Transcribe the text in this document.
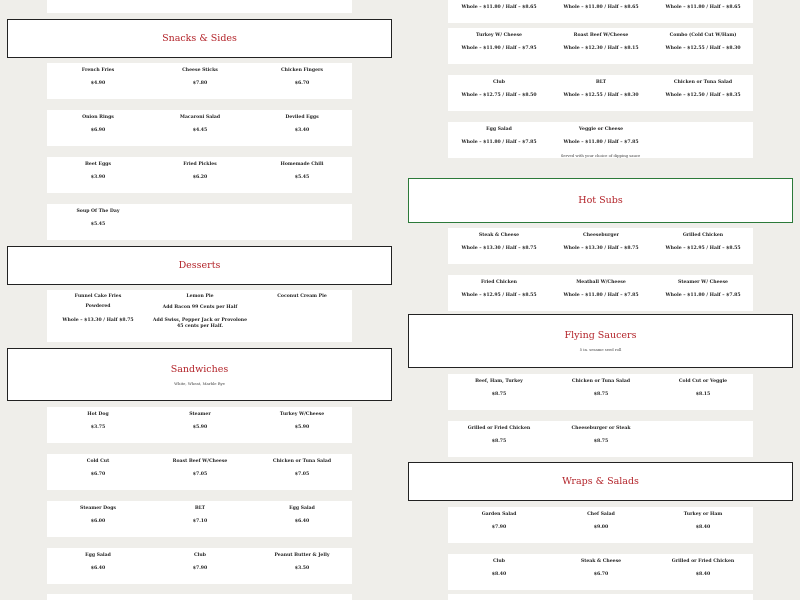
Snacks & Sides
French Fries
$4.90
Cheese Sticks
$7.80
Chicken Fingers
$6.70
Onion Rings
$6.90
Macaroni Salad
$4.45
Deviled Eggs
$3.40
Beet Eggs
$3.90
Fried Pickles
$6.20
Homemade Chili
$5.45
Soup Of The Day
$5.45
Desserts
Funnel Cake Fries
Powdered
Whole – $13.30 / Half $8.75
Lemon Pie
Add Bacon 99 Cents per Half
Add Swiss, Pepper Jack or Provolone 45 cents per Half.
Coconut Cream Pie
Sandwiches
White, Wheat, Marble Rye
Hot Dog
$3.75
Steamer
$5.90
Turkey W/Cheese
$5.90
Cold Cut
$6.70
Roast Beef W/Cheese
$7.05
Chicken or Tuna Salad
$7.05
Steamer Dogs
$6.00
BLT
$7.10
Egg Salad
$6.40
Egg Salad
$6.40
Club
$7.90
Peanut Butter & Jelly
$3.50
Whole – $11.80 / Half – $8.65	Whole – $11.80 / Half – $8.65	Whole – $11.80 / Half – $8.65
Turkey W/ Cheese
Whole – $11.90 / Half – $7.95
Roast Beef W/Cheese
Whole – $12.30 / Half – $8.15
Combo (Cold Cut W/Ham)
Whole – $12.55 / Half – $8.30
Club
Whole – $12.75 / Half – $8.50
BLT
Whole – $12.55 / Half – $8.30
Chicken or Tuna Salad
Whole – $12.50 / Half – $8.35
Egg Salad
Whole – $11.80 / Half – $7.85
Veggie or Cheese
Whole – $11.80 / Half – $7.85
Served with your choice of dipping sauce
Hot Subs
Steak & Cheese
Whole – $13.30 / Half – $8.75
Cheeseburger
Whole – $13.30 / Half – $8.75
Grilled Chicken
Whole – $12.95 / Half – $8.55
Fried Chicken
Whole – $12.95 / Half – $8.55
Meatball W/Cheese
Whole – $11.80 / Half – $7.85
Steamer W/ Cheese
Whole – $11.80 / Half – $7.85
Flying Saucers
5 in. sesame seed roll
Beef, Ham, Turkey
$8.75
Chicken or Tuna Salad
$8.75
Cold Cut or Veggie
$8.15
Grilled or Fried Chicken
$8.75
Cheeseburger or Steak
$8.75
Wraps & Salads
Garden Salad
$7.90
Chef Salad
$9.00
Turkey or Ham
$8.40
Club
$8.40
Steak & Cheese
$6.70
Grilled or Fried Chicken
$8.40
